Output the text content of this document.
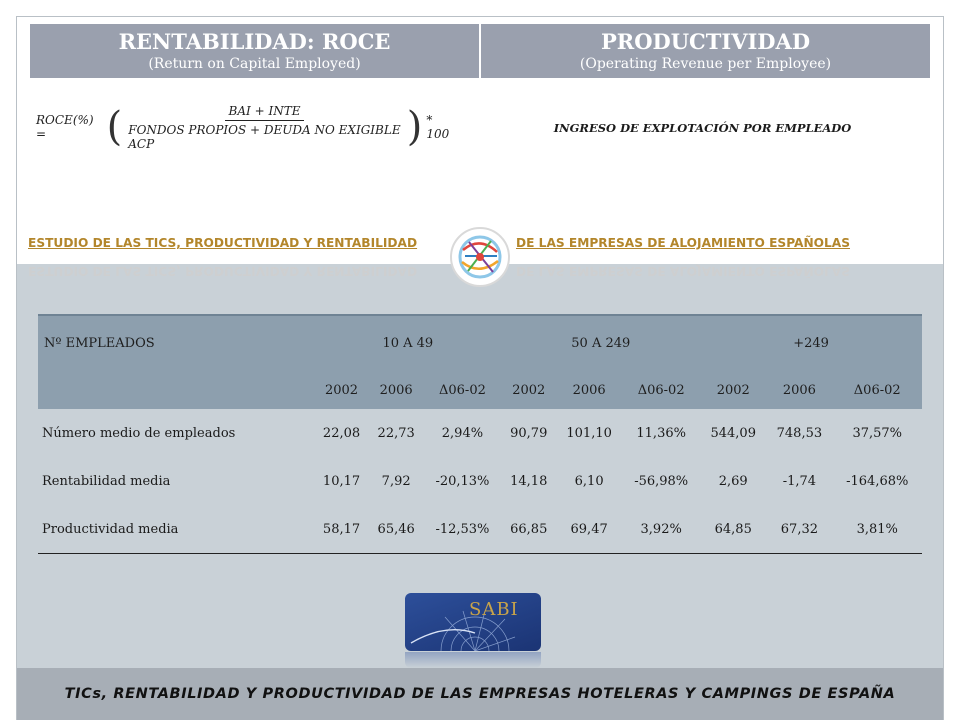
RENTABILIDAD: ROCE
(Return on Capital Employed)
PRODUCTIVIDAD
(Operating Revenue per Employee)
ROCE(%) =	( $\frac{\text{BAI + INTE}}{\text{FONDOS PROPIOS + DEUDA NO EXIGIBLE ACP}}$ ) * 100	INGRESO DE EXPLOTACIÓN POR EMPLEADO
ESTUDIO DE LAS TICS, PRODUCTIVIDAD Y RENTABILIDAD	DE LAS EMPRESAS DE ALOJAMIENTO ESPAÑOLAS
ESTUDIO DE LAS TICS, PRODUCTIVIDAD Y RENTABILIDAD	DE LAS EMPRESAS DE ALOJAMIENTO ESPAÑOLAS
Nº EMPLEADOS	10 A 49			50 A 249			+249		
	2002	2006	Δ06-02	2002	2006	Δ06-02	2002	2006	Δ06-02
Número medio de empleados	22,08	22,73	2,94%	90,79	101,10	11,36%	544,09	748,53	37,57%
Rentabilidad media	10,17	7,92	-20,13%	14,18	6,10	-56,98%	2,69	-1,74	-164,68%
Productividad media	58,17	65,46	-12,53%	66,85	69,47	3,92%	64,85	67,32	3,81%
SABI
TICs, RENTABILIDAD Y PRODUCTIVIDAD DE LAS EMPRESAS HOTELERAS Y CAMPINGS DE ESPAÑA
